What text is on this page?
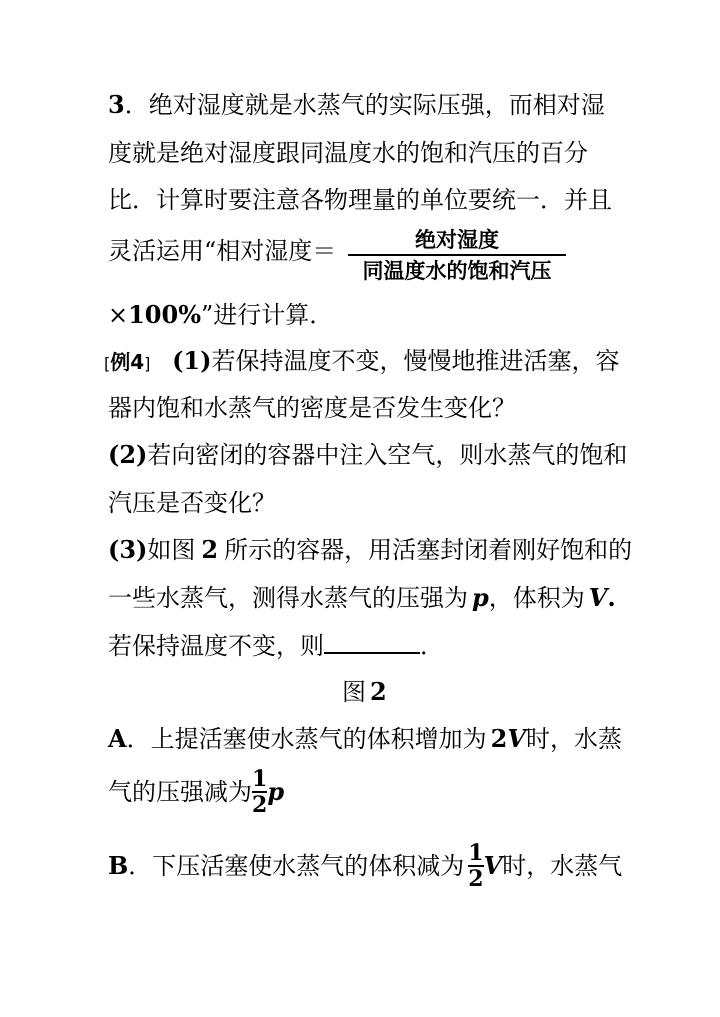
3．绝对湿度就是水蒸气的实际压强，而相对湿
度就是绝对湿度跟同温度水的饱和汽压的百分
比．计算时要注意各物理量的单位要统一．并且
灵活运用“相对湿度＝	绝对湿度
同温度水的饱和汽压
×100%”进行计算．
[例4] (1)若保持温度不变，慢慢地推进活塞，容
器内饱和水蒸气的密度是否发生变化？
(2)若向密闭的容器中注入空气，则水蒸气的饱和
汽压是否变化？
(3)如图 2 所示的容器，用活塞封闭着刚好饱和的
一些水蒸气，测得水蒸气的压强为 p，体积为 V.
若保持温度不变，则	．
图 2
A．上提活塞使水蒸气的体积增加为 2V时，水蒸
气的压强减为 $\frac{1}{2}$ p
B．下压活塞使水蒸气的体积减为 $\frac{1}{2}$ V时，水蒸气
